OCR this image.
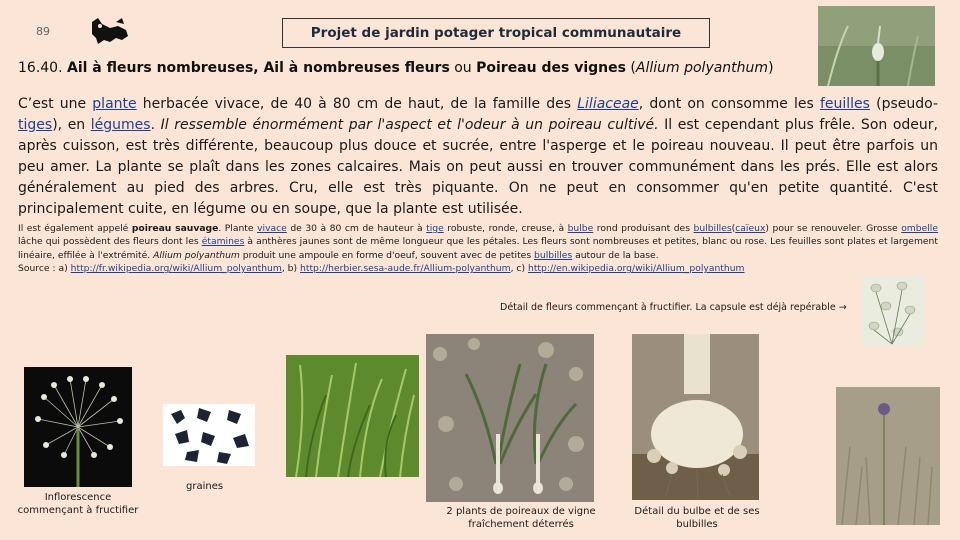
89	Projet de jardin potager tropical communautaire
16.40. Ail à fleurs nombreuses, Ail à nombreuses fleurs ou Poireau des vignes (Allium polyanthum)
C’est une plante herbacée vivace, de 40 à 80 cm de haut, de la famille des Liliaceae, dont on consomme les feuilles (pseudo-tiges), en légumes. Il ressemble énormément par l'aspect et l'odeur à un poireau cultivé. Il est cependant plus frêle. Son odeur, après cuisson, est très différente, beaucoup plus douce et sucrée, entre l'asperge et le poireau nouveau. Il peut être parfois un peu amer. La plante se plaît dans les zones calcaires. Mais on peut aussi en trouver communément dans les prés. Elle est alors généralement au pied des arbres. Cru, elle est très piquante. On ne peut en consommer qu'en petite quantité. C'est principalement cuite, en légume ou en soupe, que la plante est utilisée.
Il est également appelé poireau sauvage. Plante vivace de 30 à 80 cm de hauteur à tige robuste, ronde, creuse, à bulbe rond produisant des bulbilles(caïeux) pour se renouveler. Grosse ombelle lâche qui possèdent des fleurs dont les étamines à anthères jaunes sont de même longueur que les pétales. Les fleurs sont nombreuses et petites, blanc ou rose. Les feuilles sont plates et largement linéaire, effilée à l'extrémité. Allium polyanthum produit une ampoule en forme d'oeuf, souvent avec de petites bulbilles autour de la base.
Source : a) http://fr.wikipedia.org/wiki/Allium_polyanthum, b) http://herbier.sesa-aude.fr/Allium-polyanthum, c) http://en.wikipedia.org/wiki/Allium_polyanthum
Détail de fleurs commençant à fructifier. La capsule est déjà repérable →
Inflorescence commençant à fructifier
graines
2 plants de poireaux de vigne fraîchement déterrés
Détail du bulbe et de ses bulbilles
